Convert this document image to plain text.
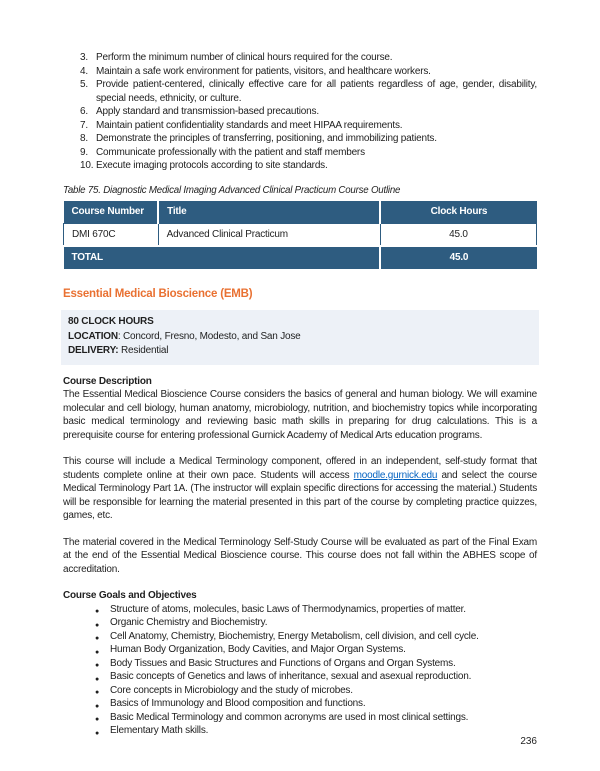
3. Perform the minimum number of clinical hours required for the course.
4. Maintain a safe work environment for patients, visitors, and healthcare workers.
5. Provide patient-centered, clinically effective care for all patients regardless of age, gender, disability, special needs, ethnicity, or culture.
6. Apply standard and transmission-based precautions.
7. Maintain patient confidentiality standards and meet HIPAA requirements.
8. Demonstrate the principles of transferring, positioning, and immobilizing patients.
9. Communicate professionally with the patient and staff members
10. Execute imaging protocols according to site standards.
Table 75. Diagnostic Medical Imaging Advanced Clinical Practicum Course Outline
Course Number	Title	Clock Hours
DMI 670C	Advanced Clinical Practicum	45.0
TOTAL		45.0
Essential Medical Bioscience (EMB)
80 CLOCK HOURS
LOCATION: Concord, Fresno, Modesto, and San Jose
DELIVERY: Residential
Course Description
The Essential Medical Bioscience Course considers the basics of general and human biology. We will examine molecular and cell biology, human anatomy, microbiology, nutrition, and biochemistry topics while incorporating basic medical terminology and reviewing basic math skills in preparing for drug calculations. This is a prerequisite course for entering professional Gurnick Academy of Medical Arts education programs.
This course will include a Medical Terminology component, offered in an independent, self-study format that students complete online at their own pace. Students will access moodle.gurnick.edu and select the course Medical Terminology Part 1A. (The instructor will explain specific directions for accessing the material.) Students will be responsible for learning the material presented in this part of the course by completing practice quizzes, games, etc.
The material covered in the Medical Terminology Self-Study Course will be evaluated as part of the Final Exam at the end of the Essential Medical Bioscience course. This course does not fall within the ABHES scope of accreditation.
Course Goals and Objectives
●
Structure of atoms, molecules, basic Laws of Thermodynamics, properties of matter.
●
Organic Chemistry and Biochemistry.
●
Cell Anatomy, Chemistry, Biochemistry, Energy Metabolism, cell division, and cell cycle.
●
Human Body Organization, Body Cavities, and Major Organ Systems.
●
Body Tissues and Basic Structures and Functions of Organs and Organ Systems.
●
Basic concepts of Genetics and laws of inheritance, sexual and asexual reproduction.
●
Core concepts in Microbiology and the study of microbes.
●
Basics of Immunology and Blood composition and functions.
●
Basic Medical Terminology and common acronyms are used in most clinical settings.
●
Elementary Math skills.
236
